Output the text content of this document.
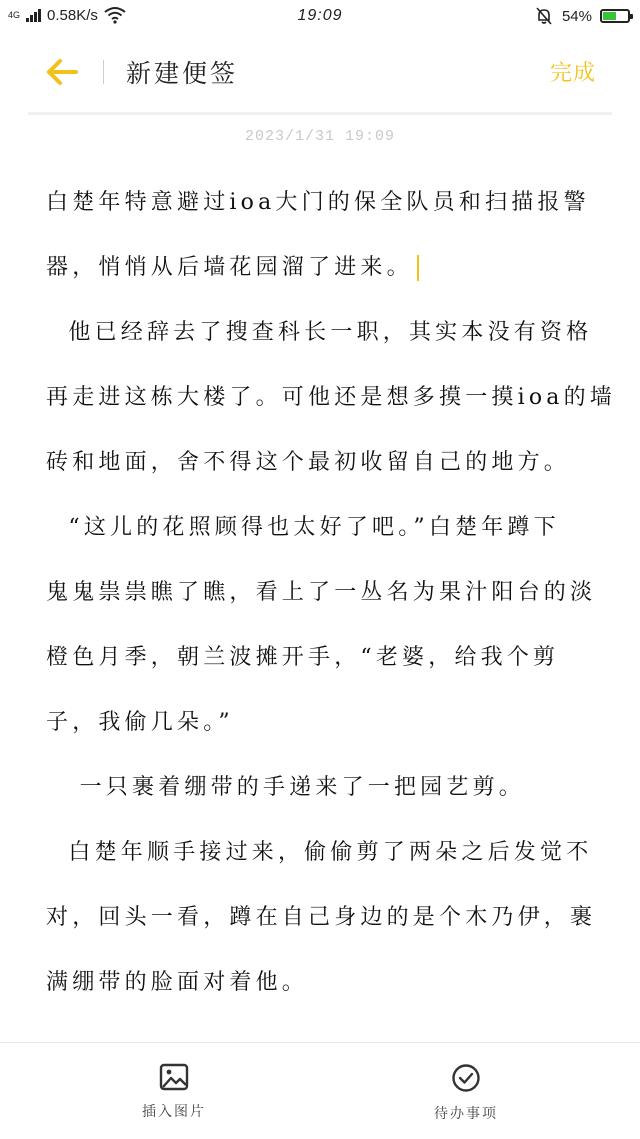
4G 0.58K/s	19:09	54%
新建便签	完成
2023/1/31 19:09
白楚年特意避过ioa大门的保全队员和扫描报警
器，悄悄从后墙花园溜了进来。
他已经辞去了搜查科长一职，其实本没有资格
再走进这栋大楼了。可他还是想多摸一摸ioa的墙
砖和地面，舍不得这个最初收留自己的地方。
“这儿的花照顾得也太好了吧。”白楚年蹲下
鬼鬼祟祟瞧了瞧，看上了一丛名为果汁阳台的淡
橙色月季，朝兰波摊开手，“老婆，给我个剪
子，我偷几朵。”
一只裹着绷带的手递来了一把园艺剪。
白楚年顺手接过来，偷偷剪了两朵之后发觉不
对，回头一看，蹲在自己身边的是个木乃伊，裹
满绷带的脸面对着他。
插入图片	待办事项
